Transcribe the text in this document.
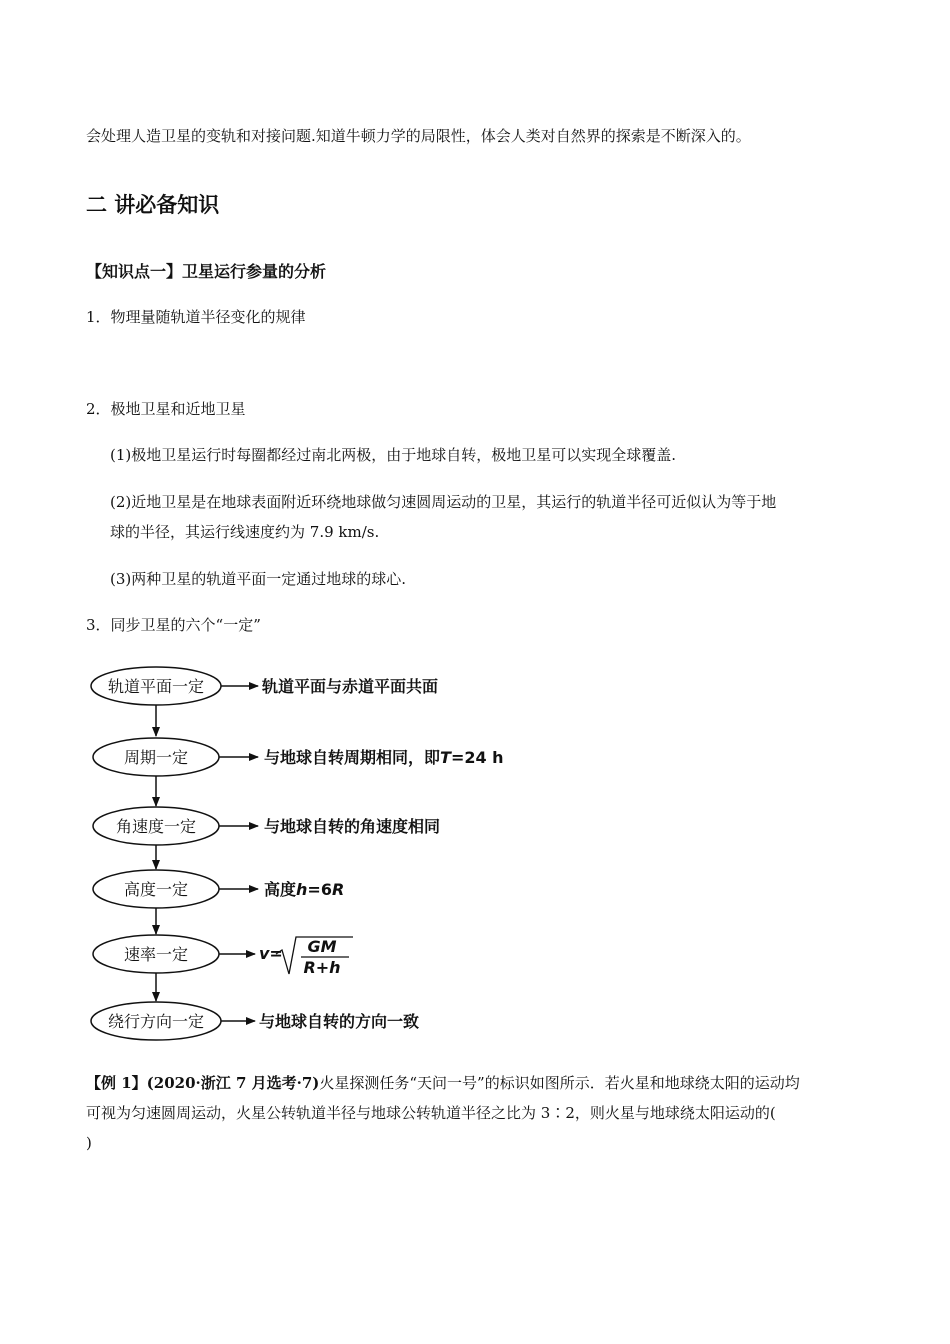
会处理人造卫星的变轨和对接问题.知道牛顿力学的局限性，体会人类对自然界的探索是不断深入的。
二 讲必备知识
【知识点一】卫星运行参量的分析
1．物理量随轨道半径变化的规律
2．极地卫星和近地卫星
(1)极地卫星运行时每圈都经过南北两极，由于地球自转，极地卫星可以实现全球覆盖.
(2)近地卫星是在地球表面附近环绕地球做匀速圆周运动的卫星，其运行的轨道半径可近似认为等于地
球的半径，其运行线速度约为 7.9 km/s.
(3)两种卫星的轨道平面一定通过地球的球心.
3．同步卫星的六个“一定”
轨道平面一定	轨道平面与赤道平面共面
周期一定	与地球自转周期相同，即T=24 h
角速度一定	与地球自转的角速度相同
高度一定	高度h=6R
速率一定	v= GM
R+h
绕行方向一定	与地球自转的方向一致
【例 1】(2020·浙江 7 月选考·7)火星探测任务“天问一号”的标识如图所示．若火星和地球绕太阳的运动均
可视为匀速圆周运动，火星公转轨道半径与地球公转轨道半径之比为 3∶2，则火星与地球绕太阳运动的(
)
